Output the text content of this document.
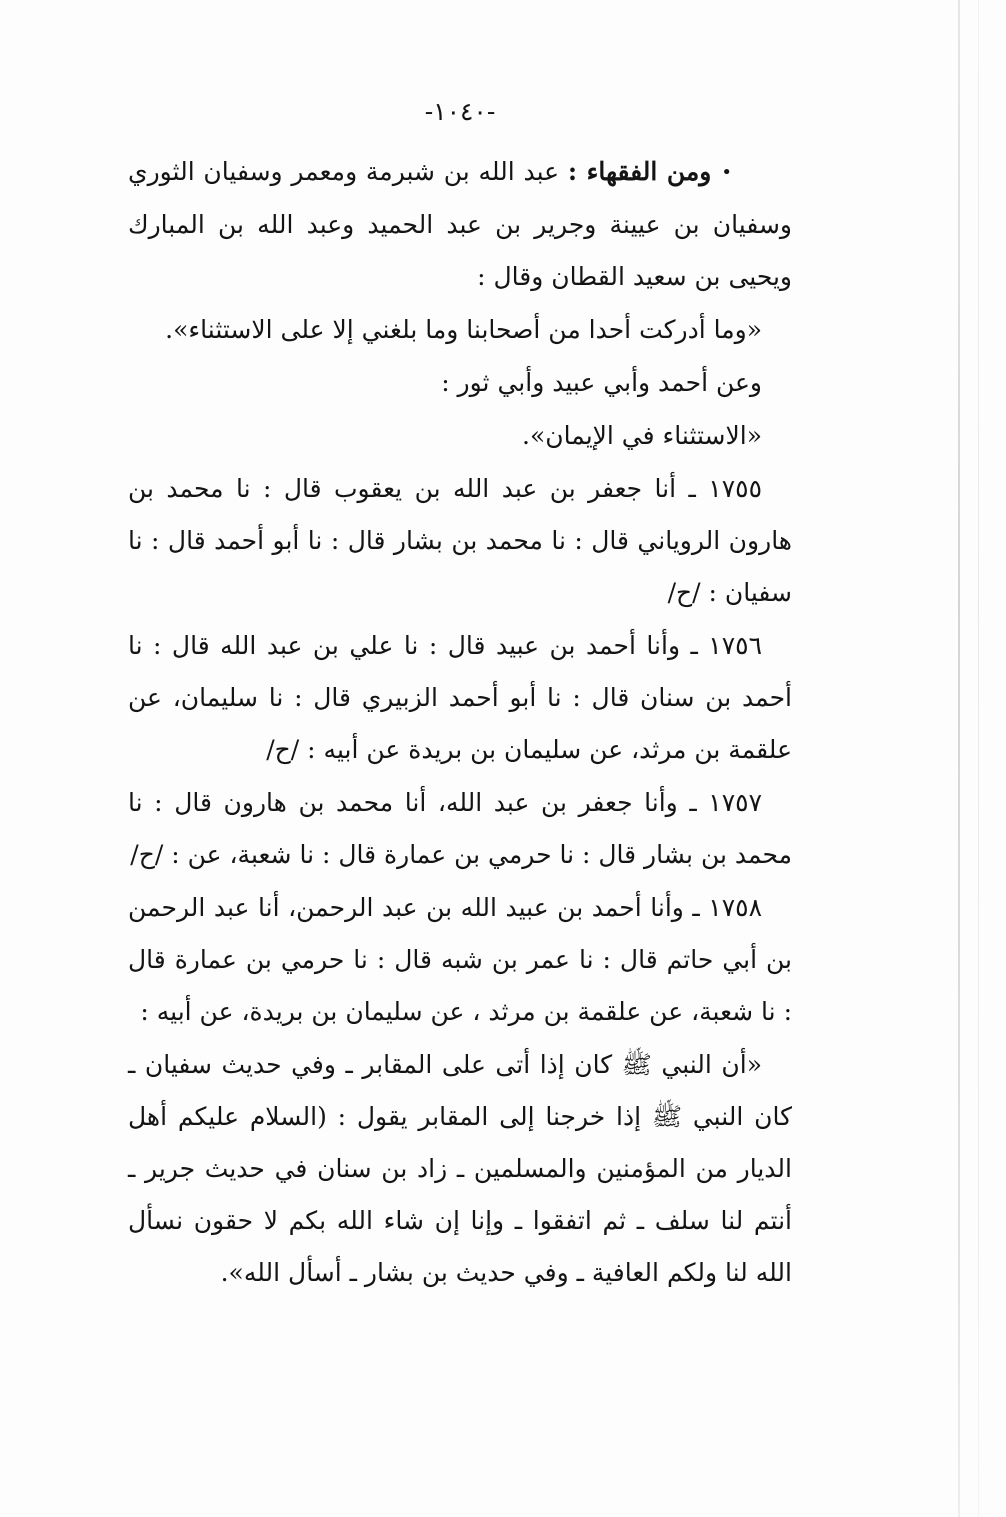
-١٠٤٠-

•ومن الفقهاء : عبد الله بن شبرمة ومعمر وسفيان الثوري وسفيان بن عيينة وجرير بن عبد الحميد وعبد الله بن المبارك ويحيى بن سعيد القطان وقال :

«وما أدركت أحدا من أصحابنا وما بلغني إلا على الاستثناء».

وعن أحمد وأبي عبيد وأبي ثور :

«الاستثناء في الإيمان».

١٧٥٥ ـ أنا جعفر بن عبد الله بن يعقوب قال : نا محمد بن هارون الروياني قال : نا محمد بن بشار قال : نا أبو أحمد قال : نا سفيان : /ح/

١٧٥٦ ـ وأنا أحمد بن عبيد قال : نا علي بن عبد الله قال : نا أحمد بن سنان قال : نا أبو أحمد الزبيري قال : نا سليمان، عن علقمة بن مرثد، عن سليمان بن بريدة عن أبيه : /ح/

١٧٥٧ ـ وأنا جعفر بن عبد الله، أنا محمد بن هارون قال : نا محمد بن بشار قال : نا حرمي بن عمارة قال : نا شعبة، عن : /ح/

١٧٥٨ ـ وأنا أحمد بن عبيد الله بن عبد الرحمن، أنا عبد الرحمن بن أبي حاتم قال : نا عمر بن شبه قال : نا حرمي بن عمارة قال : نا شعبة، عن علقمة بن مرثد ، عن سليمان بن بريدة، عن أبيه :

«أن النبي ﷺ كان إذا أتى على المقابر ـ وفي حديث سفيان ـ كان النبي ﷺ إذا خرجنا إلى المقابر يقول : (السلام عليكم أهل الديار من المؤمنين والمسلمين ـ زاد بن سنان في حديث جرير ـ أنتم لنا سلف ـ ثم اتفقوا ـ وإنا إن شاء الله بكم لا حقون نسأل الله لنا ولكم العافية ـ وفي حديث بن بشار ـ أسأل الله».
